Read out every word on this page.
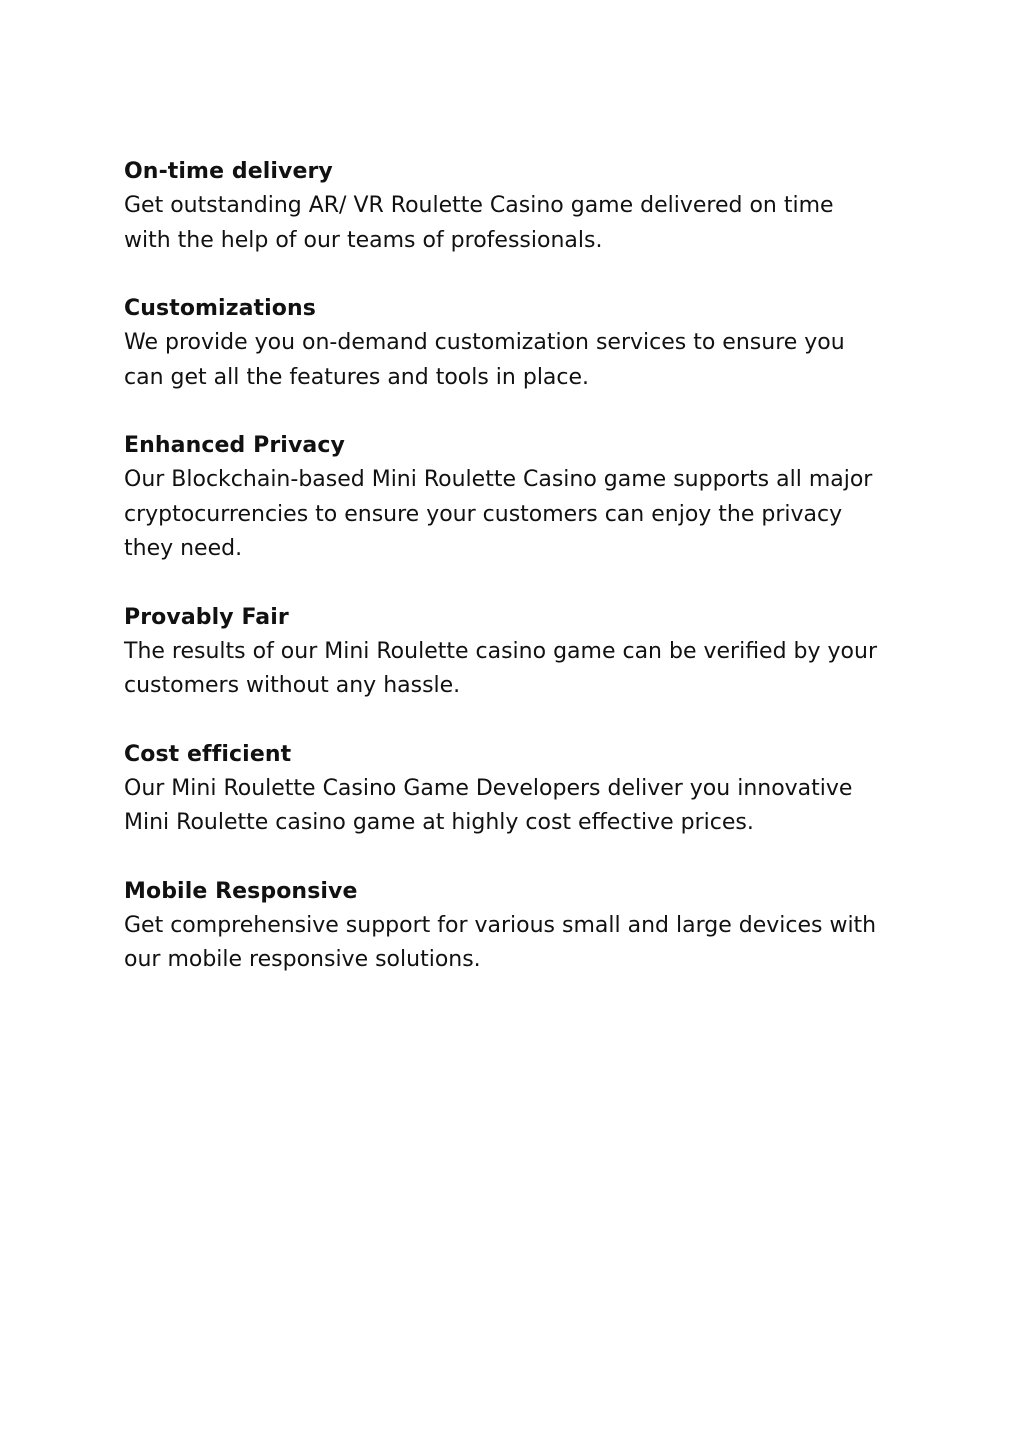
On-time delivery

Get outstanding AR/ VR Roulette Casino game delivered on time
with the help of our teams of professionals.

Customizations

We provide you on-demand customization services to ensure you
can get all the features and tools in place.

Enhanced Privacy

Our Blockchain-based Mini Roulette Casino game supports all major
cryptocurrencies to ensure your customers can enjoy the privacy
they need.

Provably Fair

The results of our Mini Roulette casino game can be verified by your
customers without any hassle.

Cost efficient

Our Mini Roulette Casino Game Developers deliver you innovative
Mini Roulette casino game at highly cost effective prices.

Mobile Responsive

Get comprehensive support for various small and large devices with
our mobile responsive solutions.
